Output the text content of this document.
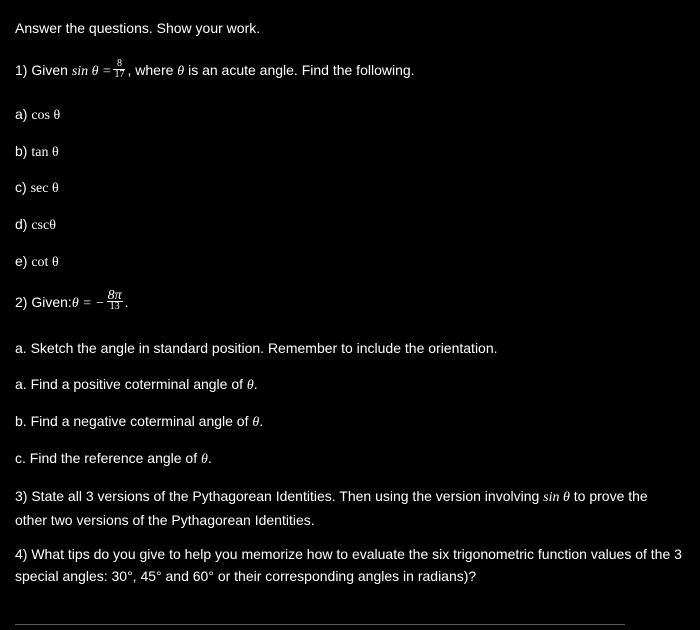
Answer the questions. Show your work.
1) Given $\sin \theta = \frac{8}{17}$ , where θ is an acute angle. Find the following.
a) cos θ
b) tan θ
c) sec θ
d) cscθ
e) cot θ
2) Given:θ = − $\frac{8\pi}{13}$ .
a. Sketch the angle in standard position. Remember to include the orientation.
a. Find a positive coterminal angle of θ.
b. Find a negative coterminal angle of θ.
c. Find the reference angle of θ.
3) State all 3 versions of the Pythagorean Identities. Then using the version involving sin θ to prove the other two versions of the Pythagorean Identities.
4) What tips do you give to help you memorize how to evaluate the six trigonometric function values of the 3 special angles: 30°, 45° and 60° or their corresponding angles in radians)?
